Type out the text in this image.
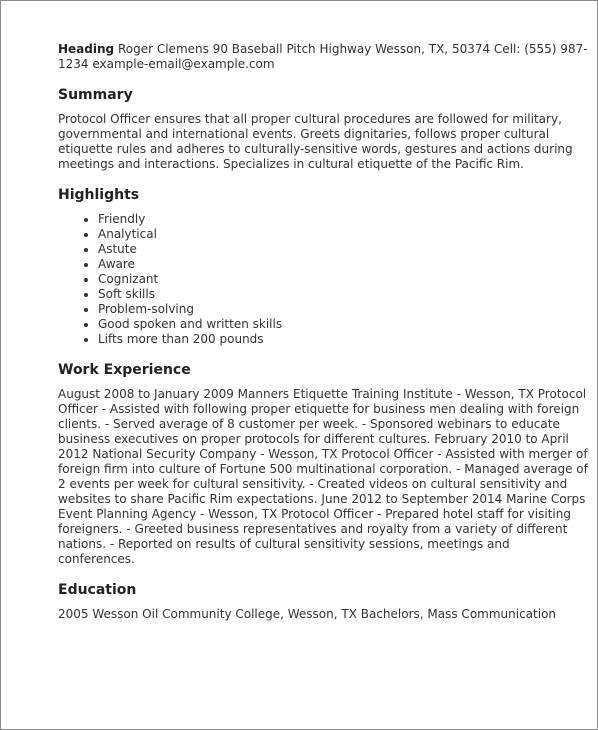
Heading Roger Clemens 90 Baseball Pitch Highway Wesson, TX, 50374 Cell: (555) 987-1234 example-email@example.com

Summary

Protocol Officer ensures that all proper cultural procedures are followed for military, governmental and international events. Greets dignitaries, follows proper cultural etiquette rules and adheres to culturally-sensitive words, gestures and actions during meetings and interactions. Specializes in cultural etiquette of the Pacific Rim.

Highlights
• Friendly
• Analytical
• Astute
• Aware
• Cognizant
• Soft skills
• Problem-solving
• Good spoken and written skills
• Lifts more than 200 pounds
Work Experience

August 2008 to January 2009 Manners Etiquette Training Institute - Wesson, TX Protocol Officer - Assisted with following proper etiquette for business men dealing with foreign clients. - Served average of 8 customer per week. - Sponsored webinars to educate business executives on proper protocols for different cultures. February 2010 to April 2012 National Security Company - Wesson, TX Protocol Officer - Assisted with merger of foreign firm into culture of Fortune 500 multinational corporation. - Managed average of 2 events per week for cultural sensitivity. - Created videos on cultural sensitivity and websites to share Pacific Rim expectations. June 2012 to September 2014 Marine Corps Event Planning Agency - Wesson, TX Protocol Officer - Prepared hotel staff for visiting foreigners. - Greeted business representatives and royalty from a variety of different nations. - Reported on results of cultural sensitivity sessions, meetings and conferences.

Education

2005 Wesson Oil Community College, Wesson, TX Bachelors, Mass Communication
